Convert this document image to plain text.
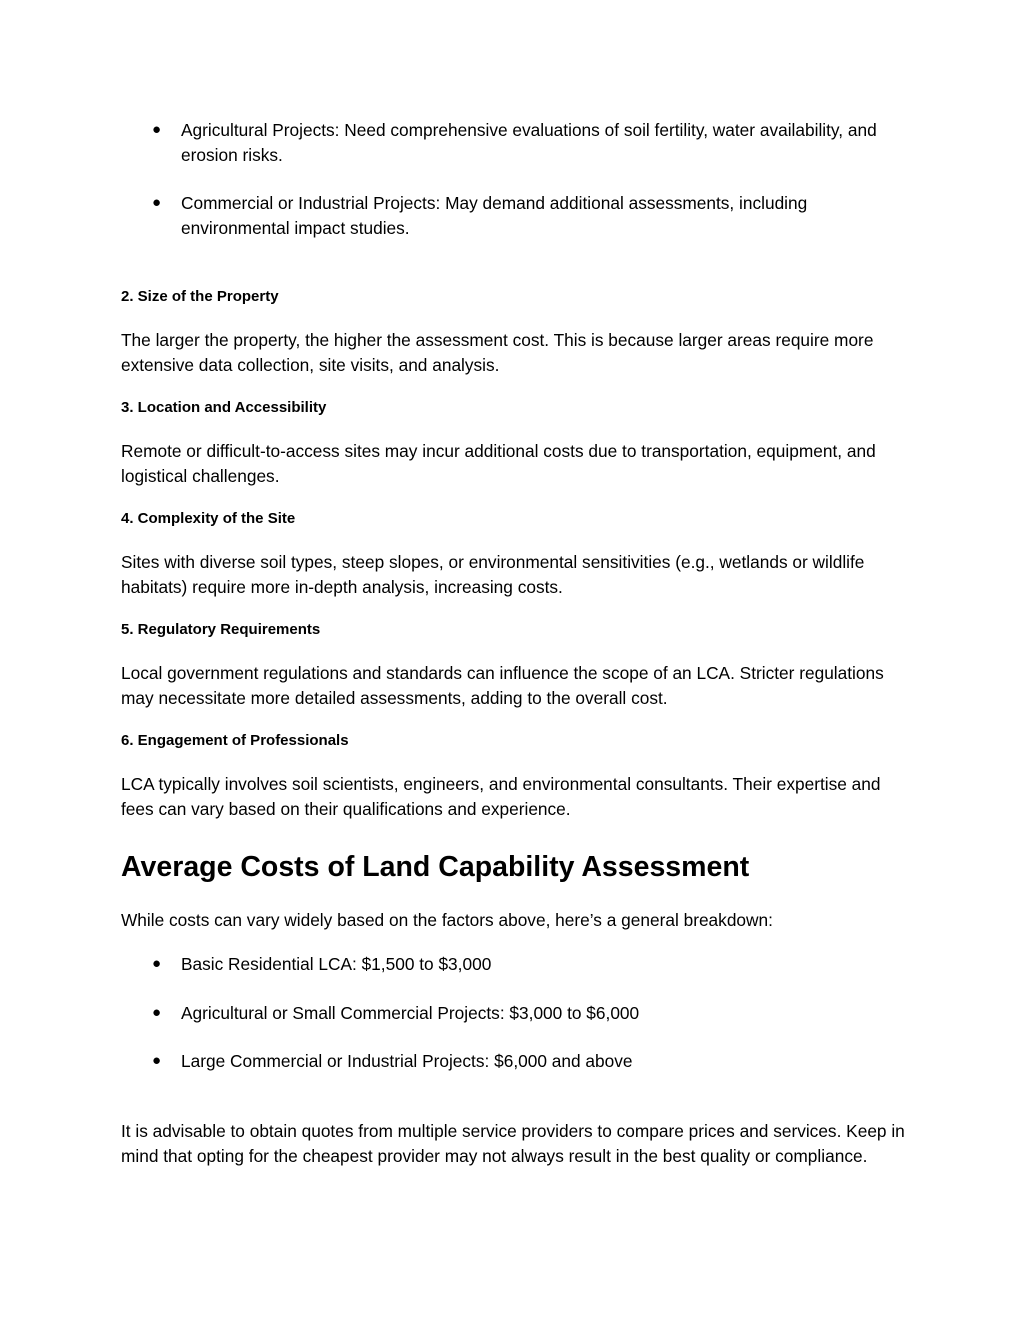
● Agricultural Projects: Need comprehensive evaluations of soil fertility, water availability, and erosion risks.
● Commercial or Industrial Projects: May demand additional assessments, including environmental impact studies.
2. Size of the Property

The larger the property, the higher the assessment cost. This is because larger areas require more extensive data collection, site visits, and analysis.

3. Location and Accessibility

Remote or difficult-to-access sites may incur additional costs due to transportation, equipment, and logistical challenges.

4. Complexity of the Site

Sites with diverse soil types, steep slopes, or environmental sensitivities (e.g., wetlands or wildlife habitats) require more in-depth analysis, increasing costs.

5. Regulatory Requirements

Local government regulations and standards can influence the scope of an LCA. Stricter regulations may necessitate more detailed assessments, adding to the overall cost.

6. Engagement of Professionals

LCA typically involves soil scientists, engineers, and environmental consultants. Their expertise and fees can vary based on their qualifications and experience.

Average Costs of Land Capability Assessment

While costs can vary widely based on the factors above, here’s a general breakdown:

● Basic Residential LCA: $1,500 to $3,000
● Agricultural or Small Commercial Projects: $3,000 to $6,000
● Large Commercial or Industrial Projects: $6,000 and above

It is advisable to obtain quotes from multiple service providers to compare prices and services. Keep in mind that opting for the cheapest provider may not always result in the best quality or compliance.
